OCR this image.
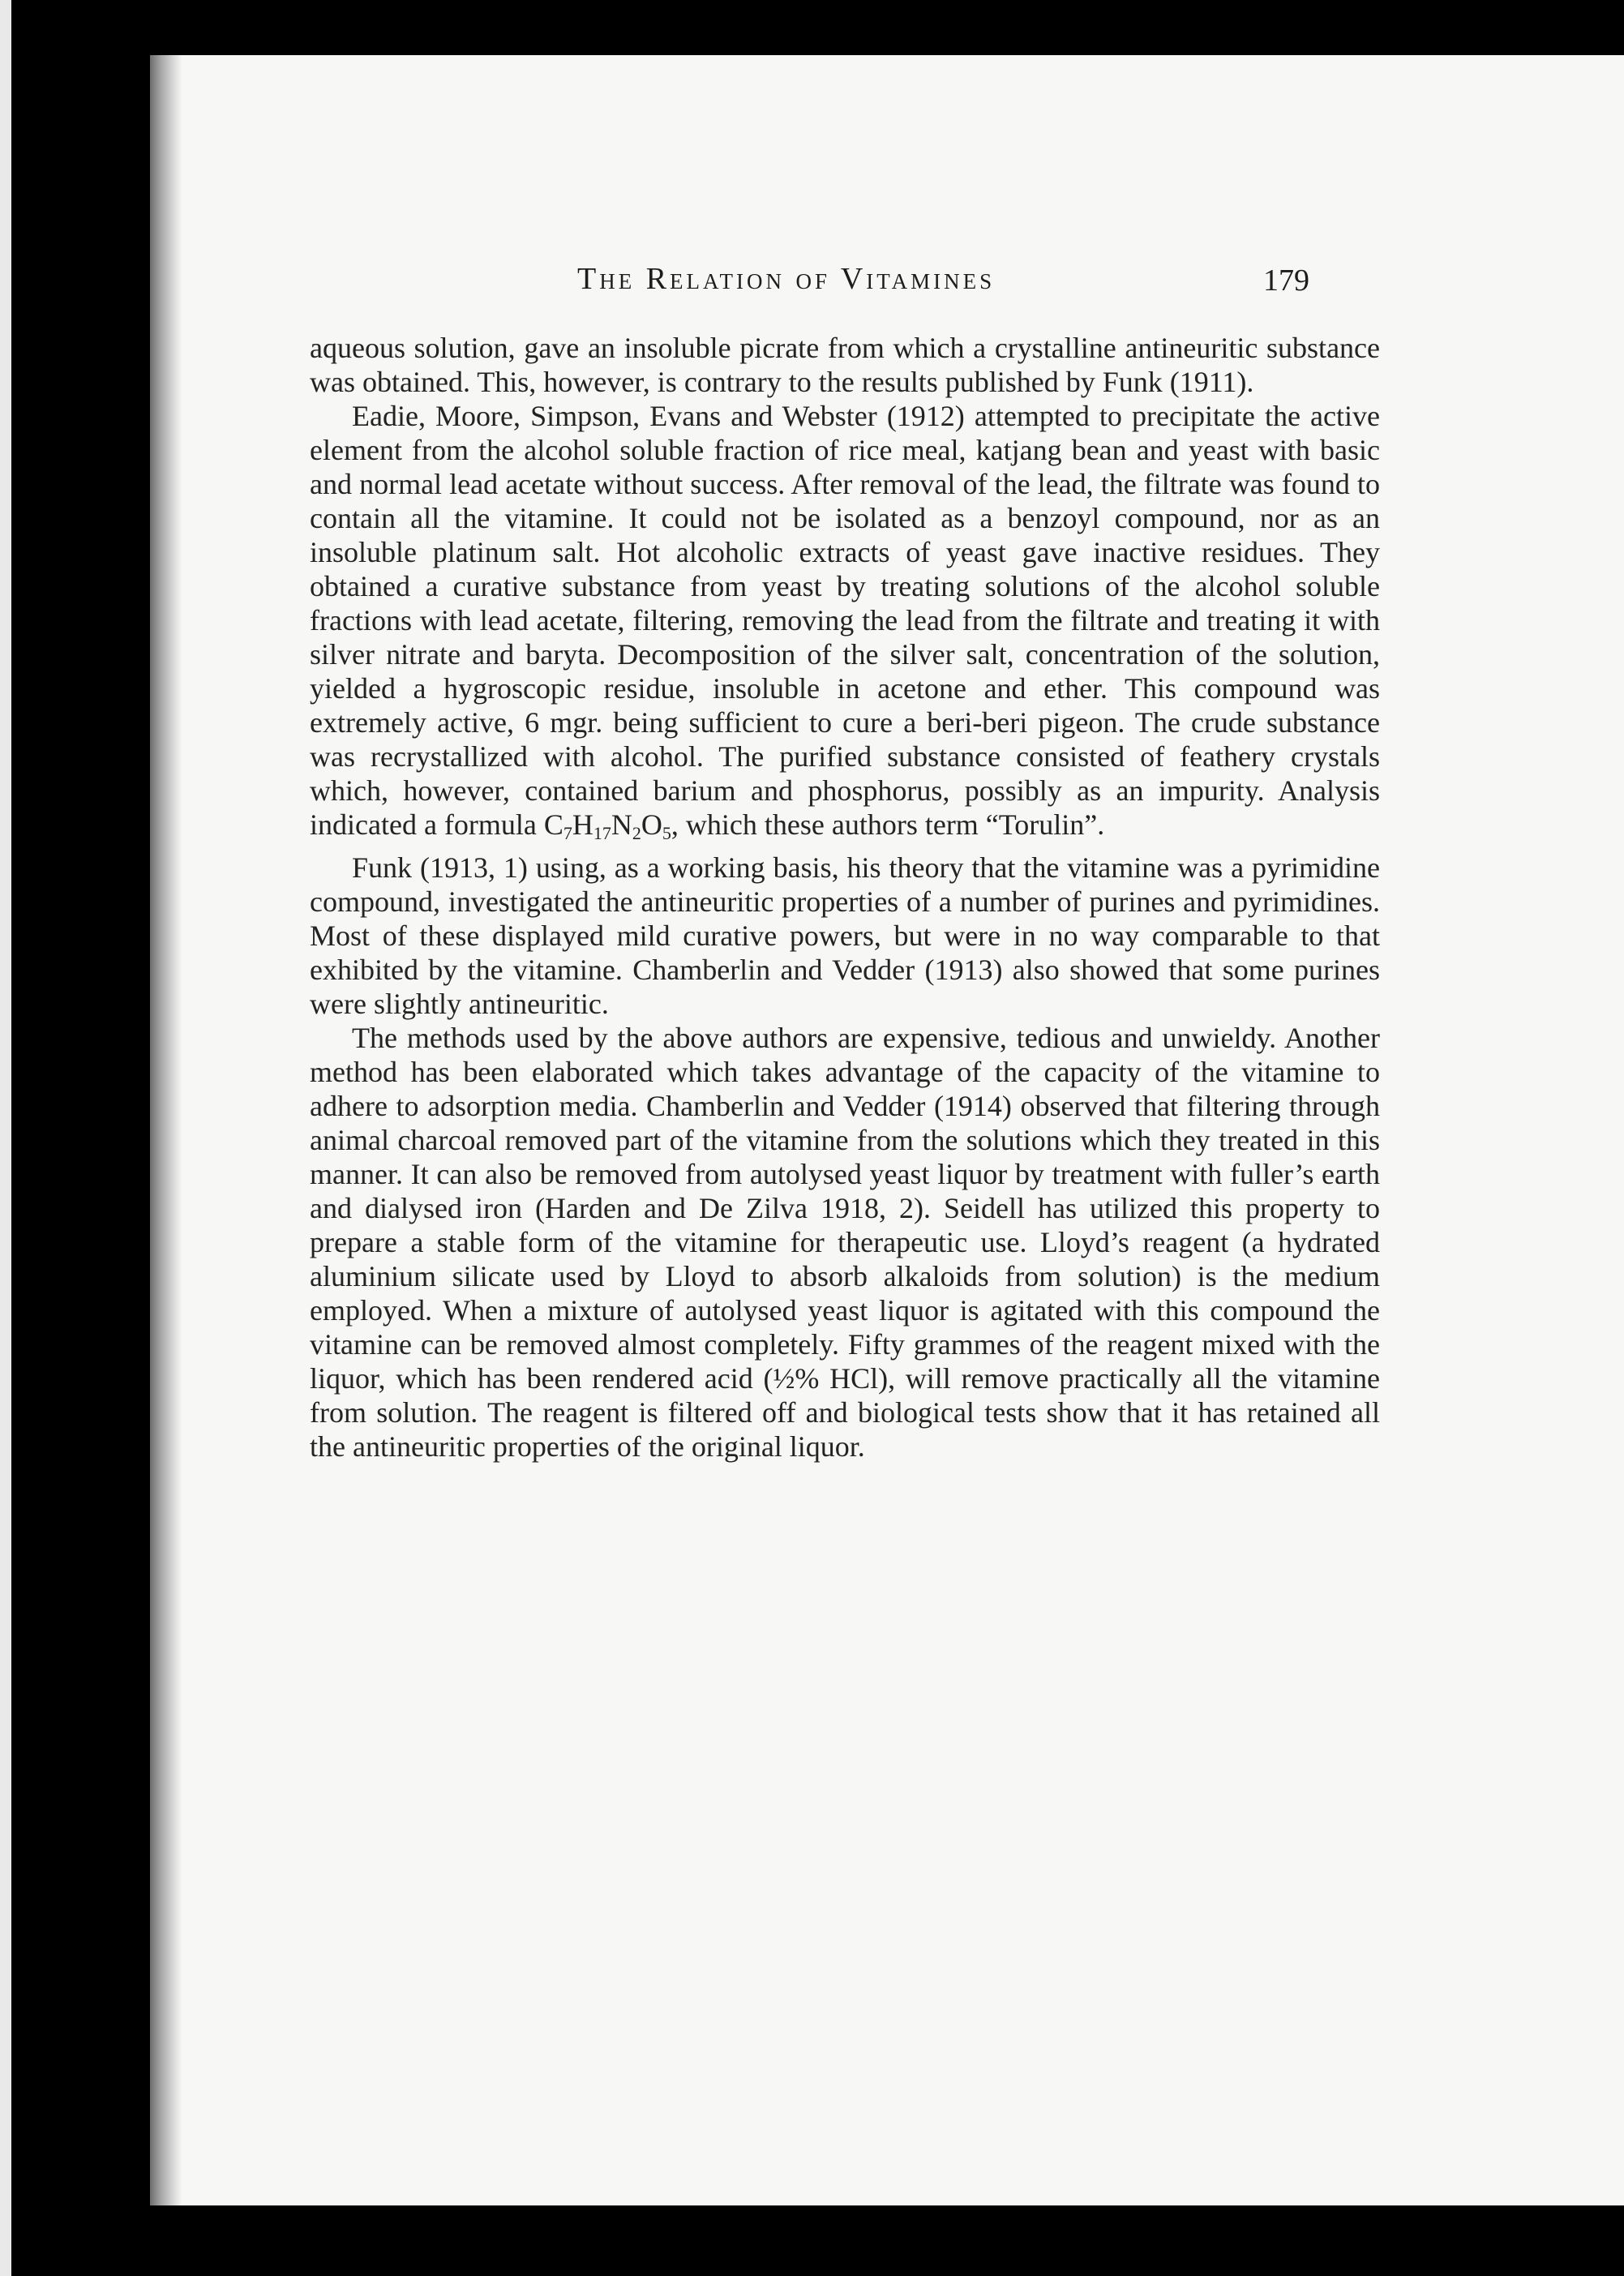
The Relation of Vitamines	179

aqueous solution, gave an insoluble picrate from which a crystalline antineuritic substance was obtained. This, however, is contrary to the results published by Funk (1911).

Eadie, Moore, Simpson, Evans and Webster (1912) attempted to precipitate the active element from the alcohol soluble fraction of rice meal, katjang bean and yeast with basic and normal lead acetate without success. After removal of the lead, the filtrate was found to contain all the vitamine. It could not be isolated as a benzoyl compound, nor as an insoluble platinum salt. Hot alcoholic extracts of yeast gave inactive residues. They obtained a curative substance from yeast by treating solutions of the alcohol soluble fractions with lead acetate, filtering, removing the lead from the filtrate and treating it with silver nitrate and baryta. Decomposition of the silver salt, concentration of the solution, yielded a hygroscopic residue, insoluble in acetone and ether. This compound was extremely active, 6 mgr. being sufficient to cure a beri-beri pigeon. The crude substance was recrystallized with alcohol. The purified substance consisted of feathery crystals which, however, contained barium and phosphorus, possibly as an impurity. Analysis indicated a formula $C_7H_{17}N_2O_5$, which these authors term “Torulin”.

Funk (1913, 1) using, as a working basis, his theory that the vitamine was a pyrimidine compound, investigated the antineuritic properties of a number of purines and pyrimidines. Most of these displayed mild curative powers, but were in no way comparable to that exhibited by the vitamine. Chamberlin and Vedder (1913) also showed that some purines were slightly antineuritic.

The methods used by the above authors are expensive, tedious and unwieldy. Another method has been elaborated which takes advantage of the capacity of the vitamine to adhere to adsorption media. Chamberlin and Vedder (1914) observed that filtering through animal charcoal removed part of the vitamine from the solutions which they treated in this manner. It can also be removed from autolysed yeast liquor by treatment with fuller’s earth and dialysed iron (Harden and De Zilva 1918, 2). Seidell has utilized this property to prepare a stable form of the vitamine for therapeutic use. Lloyd’s reagent (a hydrated aluminium silicate used by Lloyd to absorb alkaloids from solution) is the medium employed. When a mixture of autolysed yeast liquor is agitated with this compound the vitamine can be removed almost completely. Fifty grammes of the reagent mixed with the liquor, which has been rendered acid (½% HCl), will remove practically all the vitamine from solution. The reagent is filtered off and biological tests show that it has retained all the antineuritic properties of the original liquor.
